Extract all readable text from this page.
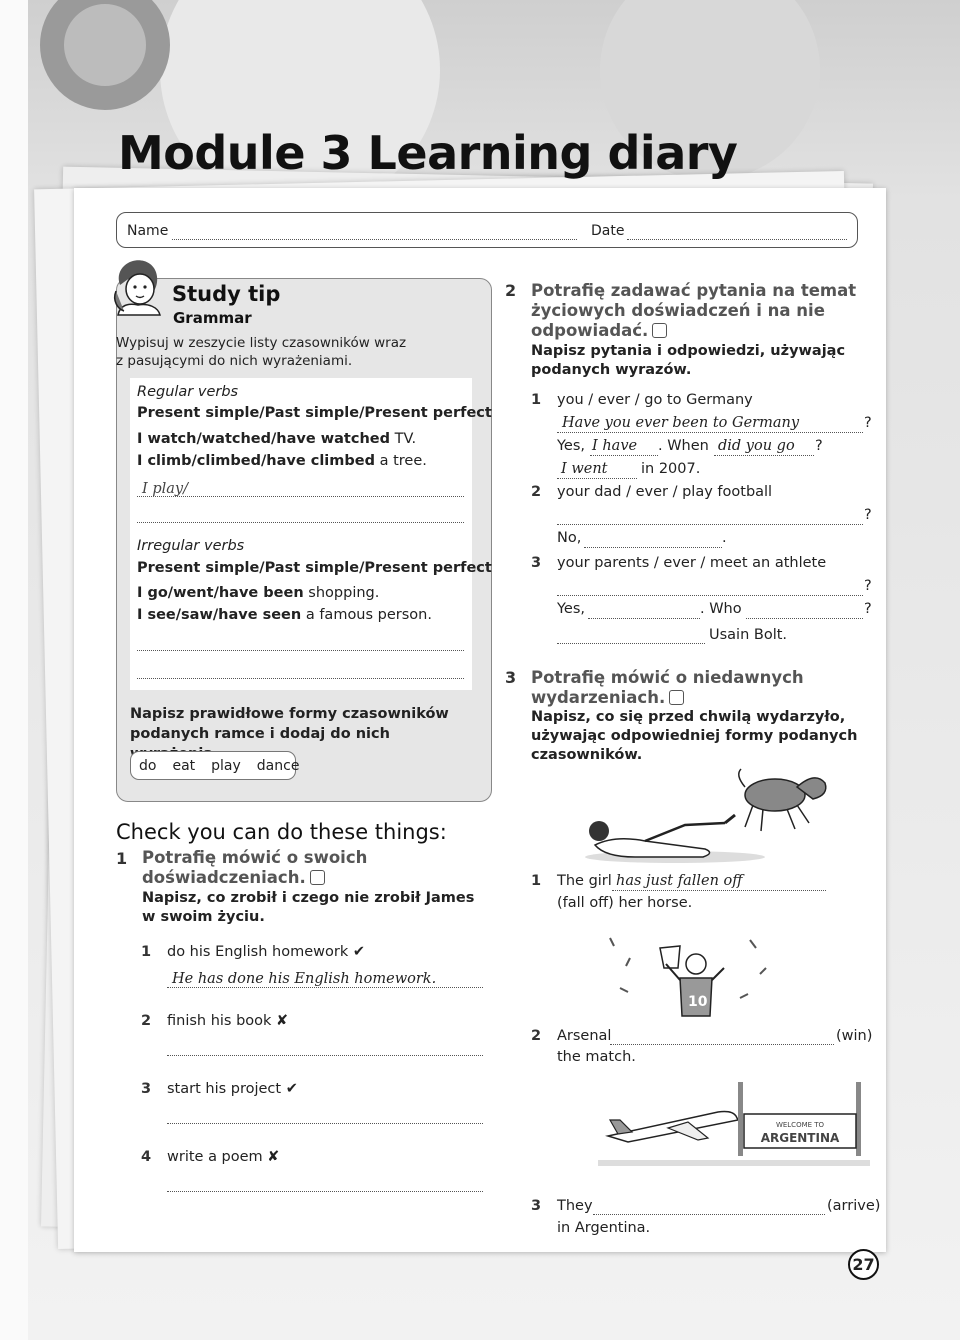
Module 3 Learning diary
Name	Date
Study tip
Grammar
Wypisuj w zeszycie listy czasowników wraz
z pasującymi do nich wyrażeniami.
Regular verbs
Present simple/Past simple/Present perfect
I watch/watched/have watched TV.
I climb/climbed/have climbed a tree.
I play/
Irregular verbs
Present simple/Past simple/Present perfect
I go/went/have been shopping.
I see/saw/have seen a famous person.
Napisz prawidłowe formy czasowników
podanych ramce i dodaj do nich
do eat play dance
Check you can do these things:
1 Potrafię mówić o swoich
doświadczeniach.
Napisz, co zrobił i czego nie zrobił James
w swoim życiu.
1 do his English homework ✔
He has done his English homework.
2 finish his book ✘
3 start his project ✔
4 write a poem ✘
2 Potrafię zadawać pytania na temat
życiowych doświadczeń i na nie
odpowiadać.
Napisz pytania i odpowiedzi, używając
podanych wyrazów.
1 you / ever / go to Germany
Have you ever been to Germany	?
Yes, I have . When did you go ?
I went in 2007.
2 your dad / ever / play football
?
No,	.
3 your parents / ever / meet an athlete
?
Yes,	. Who	?
Usain Bolt.
3 Potrafię mówić o niedawnych
wydarzeniach.
Napisz, co się przed chwilą wydarzyło,
używając odpowiedniej formy podanych
czasowników.
1 The girl has just fallen off
(fall off) her horse.
10
2 Arsenal	(win)
the match.
WELCOME TO
ARGENTINA
3 They	(arrive)
in Argentina.
27
